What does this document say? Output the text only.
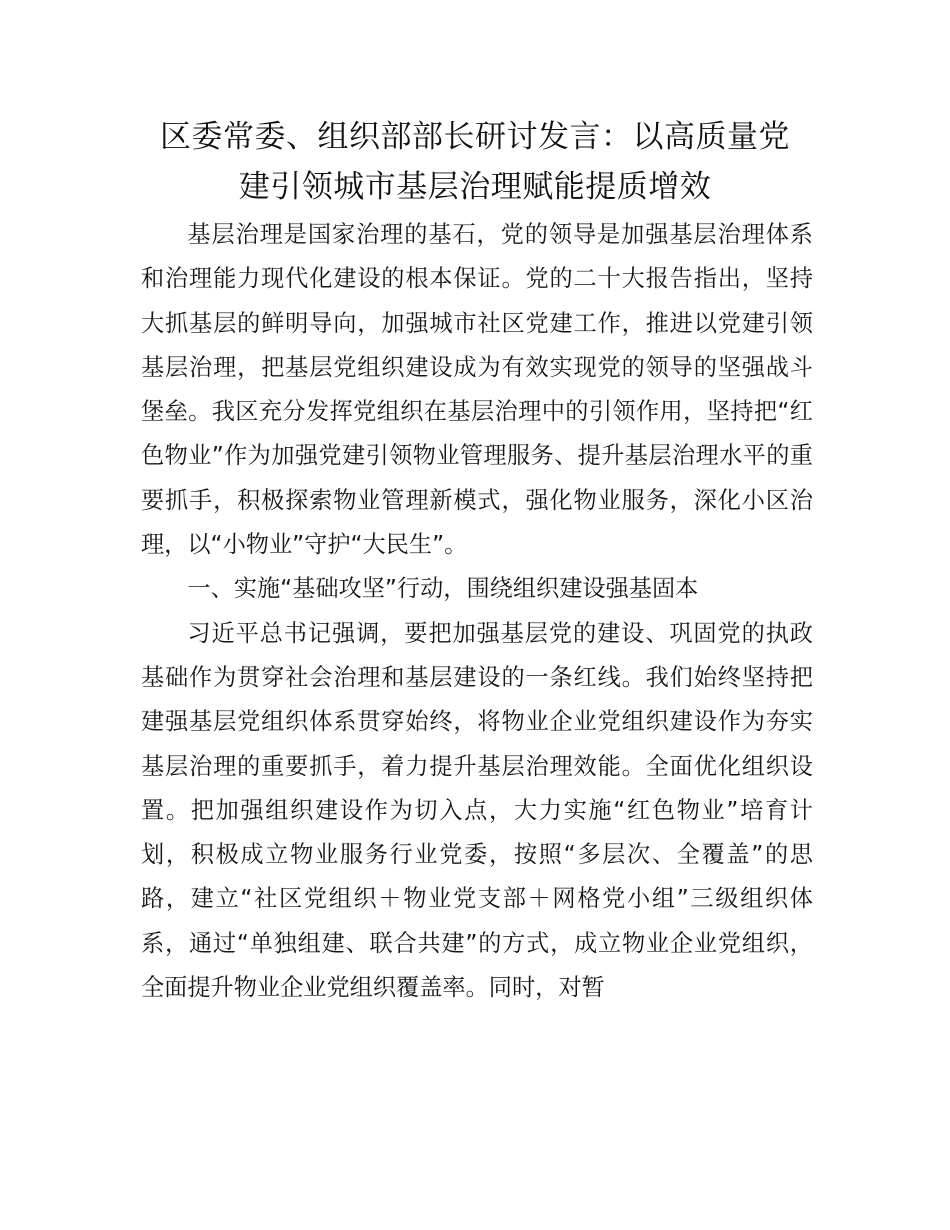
区委常委、组织部部长研讨发言：以高质量党
建引领城市基层治理赋能提质增效

基层治理是国家治理的基石，党的领导是加强基层治理体系和治理能力现代化建设的根本保证。党的二十大报告指出，坚持大抓基层的鲜明导向，加强城市社区党建工作，推进以党建引领基层治理，把基层党组织建设成为有效实现党的领导的坚强战斗堡垒。我区充分发挥党组织在基层治理中的引领作用，坚持把“红色物业”作为加强党建引领物业管理服务、提升基层治理水平的重要抓手，积极探索物业管理新模式，强化物业服务，深化小区治理，以“小物业”守护“大民生”。

一、实施“基础攻坚”行动，围绕组织建设强基固本

习近平总书记强调，要把加强基层党的建设、巩固党的执政基础作为贯穿社会治理和基层建设的一条红线。我们始终坚持把建强基层党组织体系贯穿始终，将物业企业党组织建设作为夯实基层治理的重要抓手，着力提升基层治理效能。全面优化组织设置。把加强组织建设作为切入点，大力实施“红色物业”培育计划，积极成立物业服务行业党委，按照“多层次、全覆盖”的思路，建立“社区党组织＋物业党支部＋网格党小组”三级组织体系，通过“单独组建、联合共建”的方式，成立物业企业党组织，全面提升物业企业党组织覆盖率。同时，对暂
